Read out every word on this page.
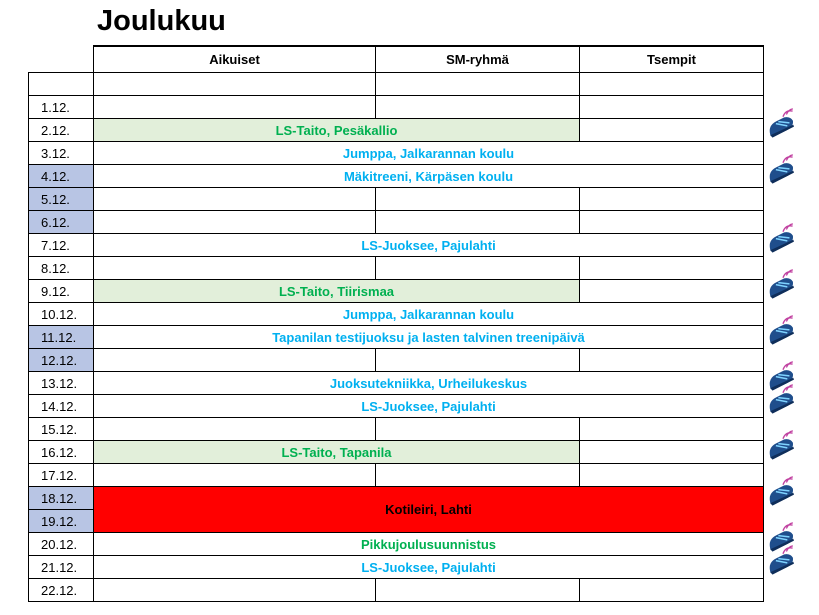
Joulukuu
	Aikuiset	SM-ryhmä	Tsempit

1.12.			
2.12.	LS-Taito, Pesäkallio		
3.12.	Jumppa, Jalkarannan koulu		
4.12.	Mäkitreeni, Kärpäsen koulu		
5.12.			
6.12.			
7.12.	LS-Juoksee, Pajulahti		
8.12.			
9.12.	LS-Taito, Tiirismaa		
10.12.	Jumppa, Jalkarannan koulu		
11.12.	Tapanilan testijuoksu ja lasten talvinen treenipäivä		
12.12.			
13.12.	Juoksutekniikka, Urheilukeskus		
14.12.	LS-Juoksee, Pajulahti		
15.12.			
16.12.	LS-Taito, Tapanila		
17.12.			
18.12.	Kotileiri, Lahti		
19.12.			
20.12.	Pikkujoulusuunnistus		
21.12.	LS-Juoksee, Pajulahti		
22.12.			
